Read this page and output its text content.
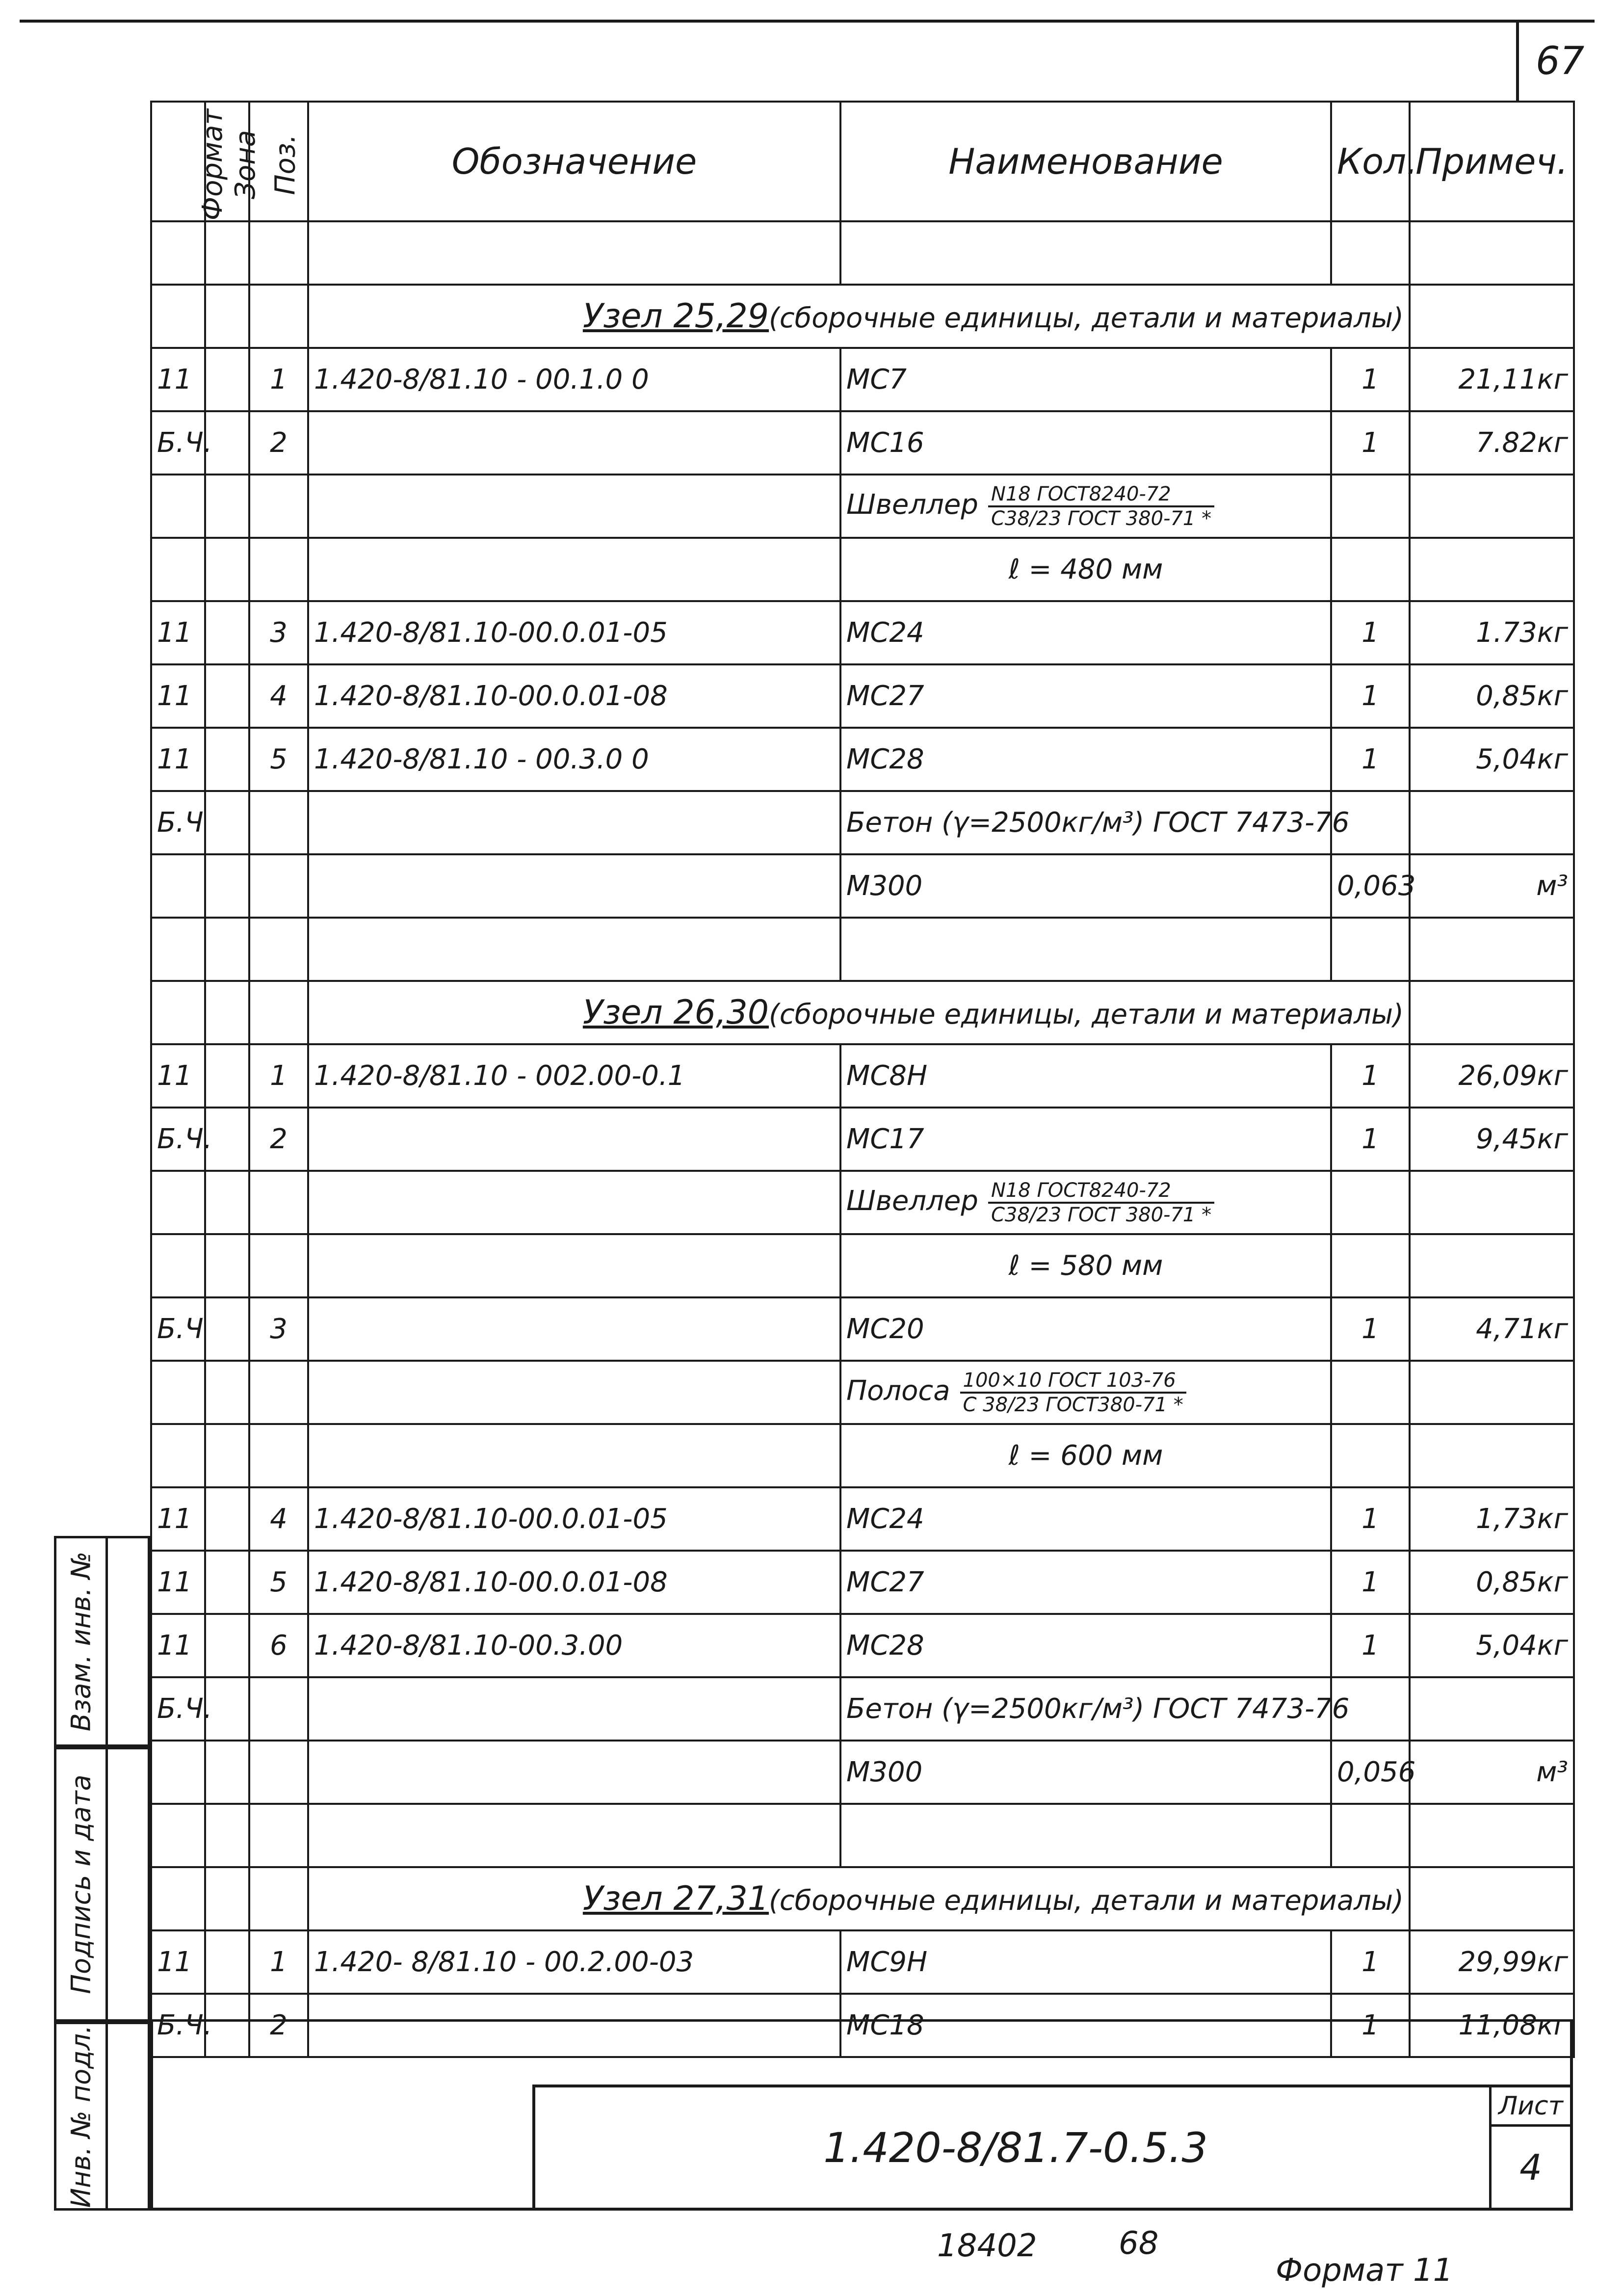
67
Формат	Зона	Поз.	Обозначение	Наименование	Кол.	Примеч.

			Узел 25,29(сборочные единицы, детали и материалы)			
11		1	1.420-8/81.10 - 00.1.0 0	МС7	1	21,11кг
Б.Ч.		2		МС16	1	7.82кг
				Швеллер $\frac{\text{N18 ГОСТ8240-72}}{\text{С38/23 ГОСТ 380-71 *}}$

				ℓ = 480 мм		
11		3	1.420-8/81.10-00.0.01-05	МС24	1	1.73кг
11		4	1.420-8/81.10-00.0.01-08	МС27	1	0,85кг
11		5	1.420-8/81.10 - 00.3.0 0	МС28	1	5,04кг
Б.Ч				Бетон (γ=2500кг/м³) ГОСТ 7473-76		
				М300	0,063	м³

			Узел 26,30(сборочные единицы, детали и материалы)			
11		1	1.420-8/81.10 - 002.00-0.1	МС8Н	1	26,09кг
Б.Ч.		2		МС17	1	9,45кг
				Швеллер $\frac{\text{N18 ГОСТ8240-72}}{\text{С38/23 ГОСТ 380-71 *}}$

				ℓ = 580 мм		
Б.Ч		3		МС20	1	4,71кг
				Полоса $\frac{\text{100×10 ГОСТ 103-76}}{\text{С 38/23 ГОСТ380-71 *}}$

				ℓ = 600 мм		
11		4	1.420-8/81.10-00.0.01-05	МС24	1	1,73кг
11		5	1.420-8/81.10-00.0.01-08	МС27	1	0,85кг
11		6	1.420-8/81.10-00.3.00	МС28	1	5,04кг
Б.Ч.				Бетон (γ=2500кг/м³) ГОСТ 7473-76		
				М300	0,056	м³

			Узел 27,31(сборочные единицы, детали и материалы)			
11		1	1.420- 8/81.10 - 00.2.00-03	МС9Н	1	29,99кг
Б.Ч.		2		МС18	1	11,08кг
Взам. инв. №
Подпись и дата
Инв. № подл.	1.420-8/81.7-0.5.3
Лист
4
18402	68
Формат 11
